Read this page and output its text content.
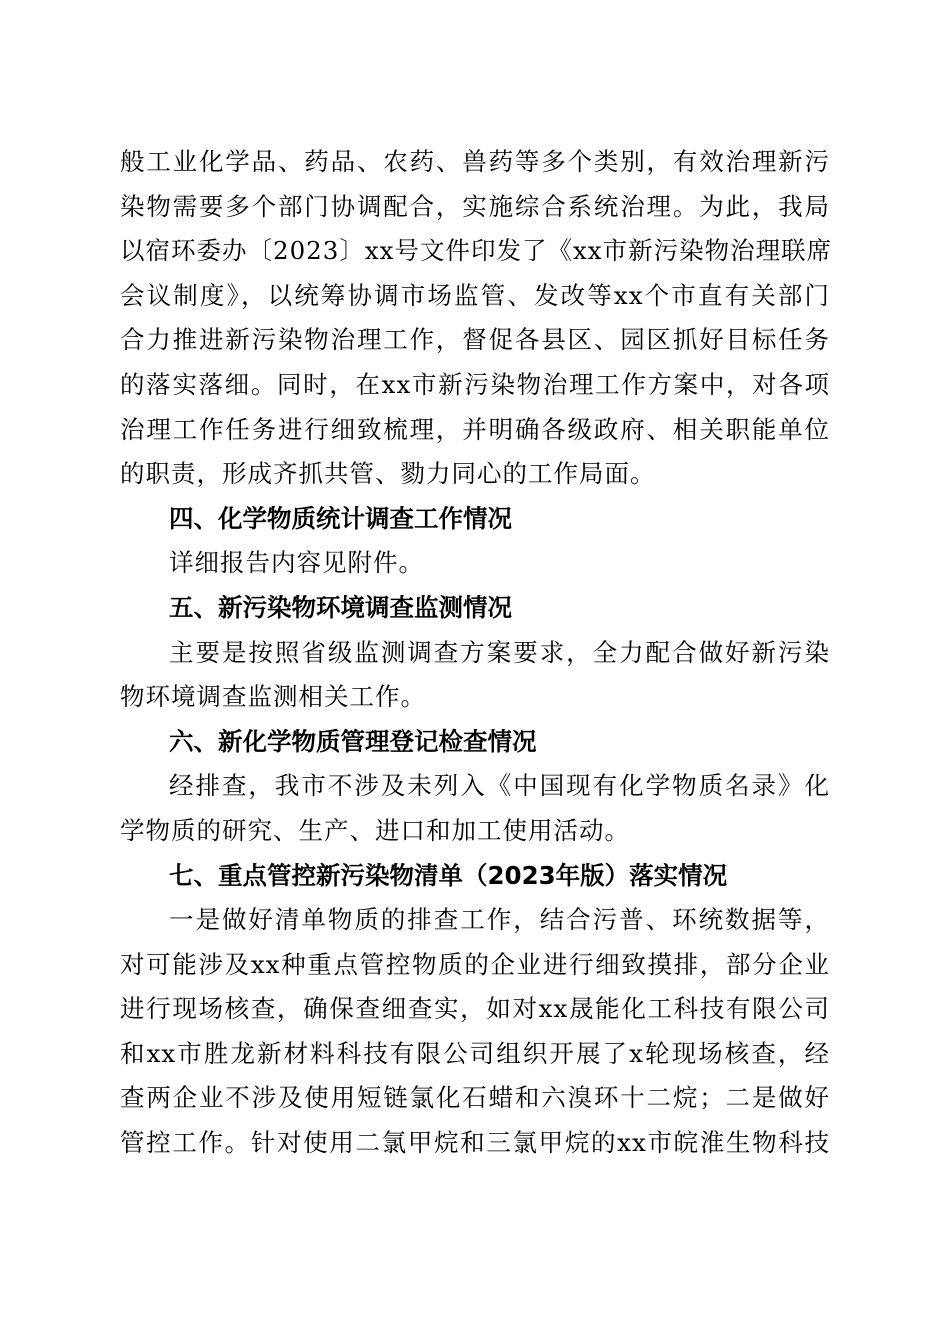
般工业化学品、药品、农药、兽药等多个类别，有效治理新污
染物需要多个部门协调配合，实施综合系统治理。为此，我局
以宿环委办〔2023〕xx号文件印发了《xx市新污染物治理联席
会议制度》，以统筹协调市场监管、发改等xx个市直有关部门
合力推进新污染物治理工作，督促各县区、园区抓好目标任务
的落实落细。同时，在xx市新污染物治理工作方案中，对各项
治理工作任务进行细致梳理，并明确各级政府、相关职能单位
的职责，形成齐抓共管、勠力同心的工作局面。
四、化学物质统计调查工作情况
详细报告内容见附件。
五、新污染物环境调查监测情况
主要是按照省级监测调查方案要求，全力配合做好新污染
物环境调查监测相关工作。
六、新化学物质管理登记检查情况
经排查，我市不涉及未列入《中国现有化学物质名录》化
学物质的研究、生产、进口和加工使用活动。
七、重点管控新污染物清单（2023年版）落实情况
一是做好清单物质的排查工作，结合污普、环统数据等，
对可能涉及xx种重点管控物质的企业进行细致摸排，部分企业
进行现场核查，确保查细查实，如对xx晟能化工科技有限公司
和xx市胜龙新材料科技有限公司组织开展了x轮现场核查，经
查两企业不涉及使用短链氯化石蜡和六溴环十二烷；二是做好
管控工作。针对使用二氯甲烷和三氯甲烷的xx市皖淮生物科技
